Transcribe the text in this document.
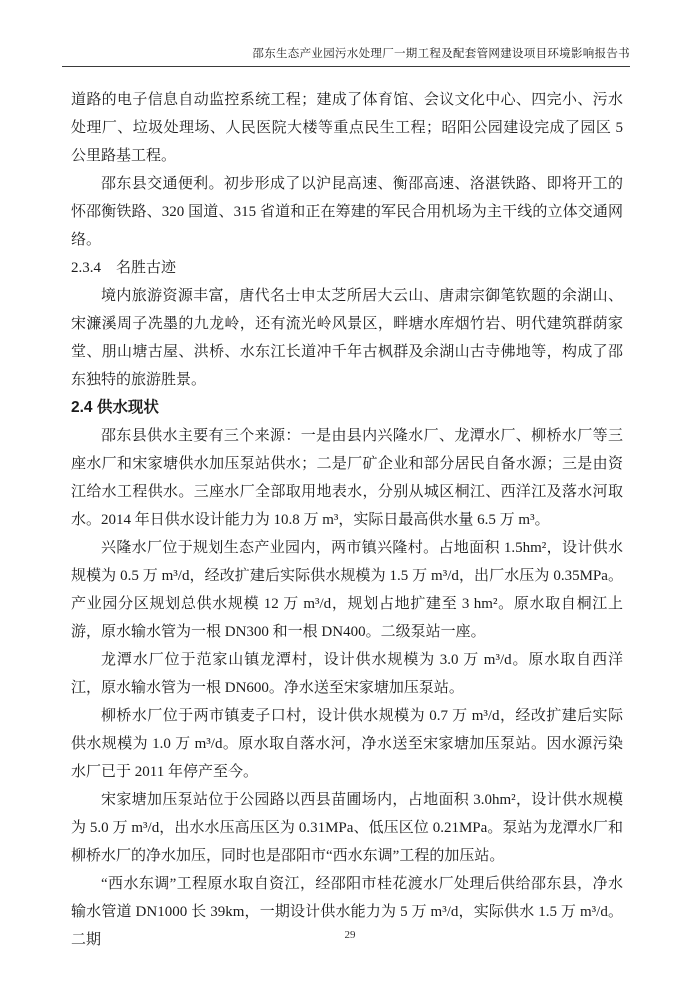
邵东生态产业园污水处理厂一期工程及配套管网建设项目环境影响报告书

道路的电子信息自动监控系统工程；建成了体育馆、会议文化中心、四完小、污水处理厂、垃圾处理场、人民医院大楼等重点民生工程；昭阳公园建设完成了园区 5 公里路基工程。

邵东县交通便利。初步形成了以沪昆高速、衡邵高速、洛湛铁路、即将开工的怀邵衡铁路、320 国道、315 省道和正在筹建的军民合用机场为主干线的立体交通网络。

2.3.4　名胜古迹

境内旅游资源丰富，唐代名士申太芝所居大云山、唐肃宗御笔钦题的余湖山、宋濂溪周子冼墨的九龙岭，还有流光岭风景区，畔塘水库烟竹岩、明代建筑群荫家堂、朋山塘古屋、洪桥、水东江长道冲千年古枫群及余湖山古寺佛地等，构成了邵东独特的旅游胜景。

2.4 供水现状

邵东县供水主要有三个来源：一是由县内兴隆水厂、龙潭水厂、柳桥水厂等三座水厂和宋家塘供水加压泵站供水；二是厂矿企业和部分居民自备水源；三是由资江给水工程供水。三座水厂全部取用地表水，分别从城区桐江、西洋江及落水河取水。2014 年日供水设计能力为 10.8 万 m³，实际日最高供水量 6.5 万 m³。

兴隆水厂位于规划生态产业园内，两市镇兴隆村。占地面积 1.5hm²，设计供水规模为 0.5 万 m³/d，经改扩建后实际供水规模为 1.5 万 m³/d，出厂水压为 0.35MPa。产业园分区规划总供水规模 12 万 m³/d，规划占地扩建至 3 hm²。原水取自桐江上游，原水输水管为一根 DN300 和一根 DN400。二级泵站一座。

龙潭水厂位于范家山镇龙潭村，设计供水规模为 3.0 万 m³/d。原水取自西洋江，原水输水管为一根 DN600。净水送至宋家塘加压泵站。

柳桥水厂位于两市镇麦子口村，设计供水规模为 0.7 万 m³/d，经改扩建后实际供水规模为 1.0 万 m³/d。原水取自落水河，净水送至宋家塘加压泵站。因水源污染水厂已于 2011 年停产至今。

宋家塘加压泵站位于公园路以西县苗圃场内，占地面积 3.0hm²，设计供水规模为 5.0 万 m³/d，出水水压高压区为 0.31MPa、低压区位 0.21MPa。泵站为龙潭水厂和柳桥水厂的净水加压，同时也是邵阳市“西水东调”工程的加压站。

“西水东调”工程原水取自资江，经邵阳市桂花渡水厂处理后供给邵东县，净水输水管道 DN1000 长 39km，一期设计供水能力为 5 万 m³/d，实际供水 1.5 万 m³/d。二期	29
